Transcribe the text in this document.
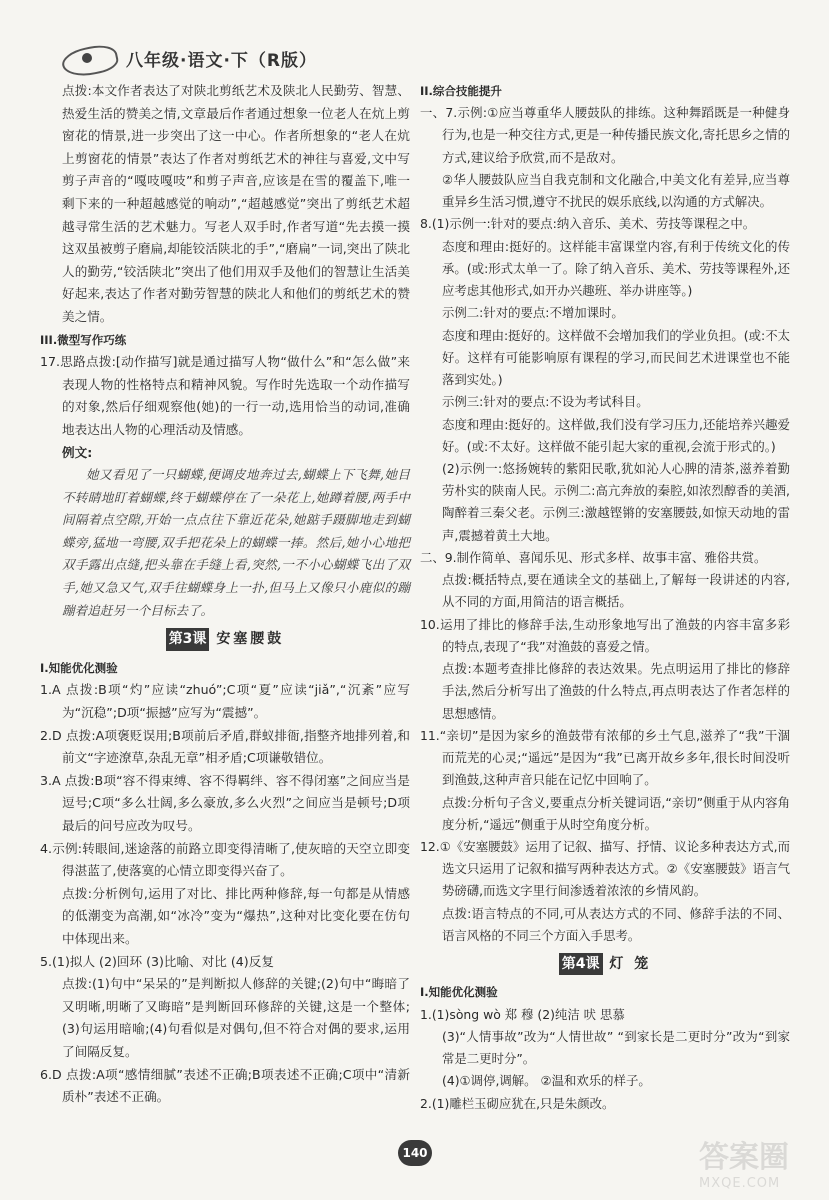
八年级·语文·下（R版）

点拨:本文作者表达了对陕北剪纸艺术及陕北人民勤劳、智慧、热爱生活的赞美之情,文章最后作者通过想象一位老人在炕上剪窗花的情景,进一步突出了这一中心。作者所想象的“老人在炕上剪窗花的情景”表达了作者对剪纸艺术的神往与喜爱,文中写剪子声音的“嘎吱嘎吱”和剪子声音,应该是在雪的覆盖下,唯一剩下来的一种超越感觉的响动”,“超越感觉”突出了剪纸艺术超越寻常生活的艺术魅力。写老人双手时,作者写道“先去摸一摸这双虽被剪子磨扁,却能铰活陕北的手”,“磨扁”一词,突出了陕北人的勤劳,“铰活陕北”突出了他们用双手及他们的智慧让生活美好起来,表达了作者对勤劳智慧的陕北人和他们的剪纸艺术的赞美之情。

III.微型写作巧练

17.思路点拨:[动作描写]就是通过描写人物“做什么”和“怎么做”来表现人物的性格特点和精神风貌。写作时先选取一个动作描写的对象,然后仔细观察他(她)的一行一动,选用恰当的动词,准确地表达出人物的心理活动及情感。

例文:

她又看见了一只蝴蝶,便调皮地奔过去,蝴蝶上下飞舞,她目不转睛地盯着蝴蝶,终于蝴蝶停在了一朵花上,她蹲着腰,两手中间隔着点空隙,开始一点点往下靠近花朵,她踮手蹑脚地走到蝴蝶旁,猛地一弯腰,双手把花朵上的蝴蝶一捧。然后,她小心地把双手露出点缝,把头靠在手缝上看,突然,一不小心蝴蝶飞出了双手,她又急又气,双手往蝴蝶身上一扑,但马上又像只小鹿似的蹦蹦着追赶另一个目标去了。

第3课 安塞腰鼓

I.知能优化测验

1.A 点拨:B项“灼”应读“zhuó”;C项“夏”应读“jiǎ”,“沉紊”应写为“沉稳”;D项“振撼”应写为“震撼”。

2.D 点拨:A项褒贬误用;B项前后矛盾,群蚁排衙,指整齐地排列着,和前文“字迹潦草,杂乱无章”相矛盾;C项谦敬错位。

3.A 点拨:B项“容不得束缚、容不得羁绊、容不得闭塞”之间应当是逗号;C项“多么壮阔,多么豪放,多么火烈”之间应当是顿号;D项最后的问号应改为叹号。

4.示例:转眼间,迷途落的前路立即变得清晰了,使灰暗的天空立即变得湛蓝了,使落寞的心情立即变得兴奋了。

点拨:分析例句,运用了对比、排比两种修辞,每一句都是从情感的低潮变为高潮,如“冰冷”变为“爆热”,这种对比变化要在仿句中体现出来。

5.(1)拟人 (2)回环 (3)比喻、对比 (4)反复

点拨:(1)句中“呆呆的”是判断拟人修辞的关键;(2)句中“晦暗了又明晰,明晰了又晦暗”是判断回环修辞的关键,这是一个整体;(3)句运用暗喻;(4)句看似是对偶句,但不符合对偶的要求,运用了间隔反复。

6.D 点拨:A项“感情细腻”表述不正确;B项表述不正确;C项中“清新质朴”表述不正确。

II.综合技能提升

一、7.示例:①应当尊重华人腰鼓队的排练。这种舞蹈既是一种健身行为,也是一种交往方式,更是一种传播民族文化,寄托思乡之情的方式,建议给予欣赏,而不是敌对。

②华人腰鼓队应当自我克制和文化融合,中美文化有差异,应当尊重异乡生活习惯,遵守不扰民的娱乐底线,以沟通的方式解决。

8.(1)示例一:针对的要点:纳入音乐、美术、劳技等课程之中。

态度和理由:挺好的。这样能丰富课堂内容,有利于传统文化的传承。(或:形式太单一了。除了纳入音乐、美术、劳技等课程外,还应考虑其他形式,如开办兴趣班、举办讲座等。)

示例二:针对的要点:不增加课时。

态度和理由:挺好的。这样做不会增加我们的学业负担。(或:不太好。这样有可能影响原有课程的学习,而民间艺术进课堂也不能落到实处。)

示例三:针对的要点:不设为考试科目。

态度和理由:挺好的。这样做,我们没有学习压力,还能培养兴趣爱好。(或:不太好。这样做不能引起大家的重视,会流于形式的。)

(2)示例一:悠扬婉转的紫阳民歌,犹如沁人心脾的清茶,滋养着勤劳朴实的陕南人民。示例二:高亢奔放的秦腔,如浓烈醇香的美酒,陶醉着三秦父老。示例三:激越铿锵的安塞腰鼓,如惊天动地的雷声,震撼着黄土大地。

二、9.制作简单、喜闻乐见、形式多样、故事丰富、雅俗共赏。

点拨:概括特点,要在通读全文的基础上,了解每一段讲述的内容,从不同的方面,用简洁的语言概括。

10.运用了排比的修辞手法,生动形象地写出了渔鼓的内容丰富多彩的特点,表现了“我”对渔鼓的喜爱之情。

点拨:本题考查排比修辞的表达效果。先点明运用了排比的修辞手法,然后分析写出了渔鼓的什么特点,再点明表达了作者怎样的思想感情。

11.“亲切”是因为家乡的渔鼓带有浓郁的乡土气息,滋养了“我”干涸而荒芜的心灵;“遥远”是因为“我”已离开故乡多年,很长时间没听到渔鼓,这种声音只能在记忆中回响了。

点拨:分析句子含义,要重点分析关键词语,“亲切”侧重于从内容角度分析,“遥远”侧重于从时空角度分析。

12.①《安塞腰鼓》运用了记叙、描写、抒情、议论多种表达方式,而选文只运用了记叙和描写两种表达方式。②《安塞腰鼓》语言气势磅礴,而选文字里行间渗透着浓浓的乡情风韵。

点拨:语言特点的不同,可从表达方式的不同、修辞手法的不同、语言风格的不同三个方面入手思考。

第4课 灯 笼

I.知能优化测验

1.(1)sòng wò 郑 穆 (2)纯洁 吠 思慕

(3)“人情事故”改为“人情世故” “到家长是二更时分”改为“到家常是二更时分”。

(4)①调停,调解。 ②温和欢乐的样子。

2.(1)雕栏玉砌应犹在,只是朱颜改。

140	答案圈
MXQE.COM
